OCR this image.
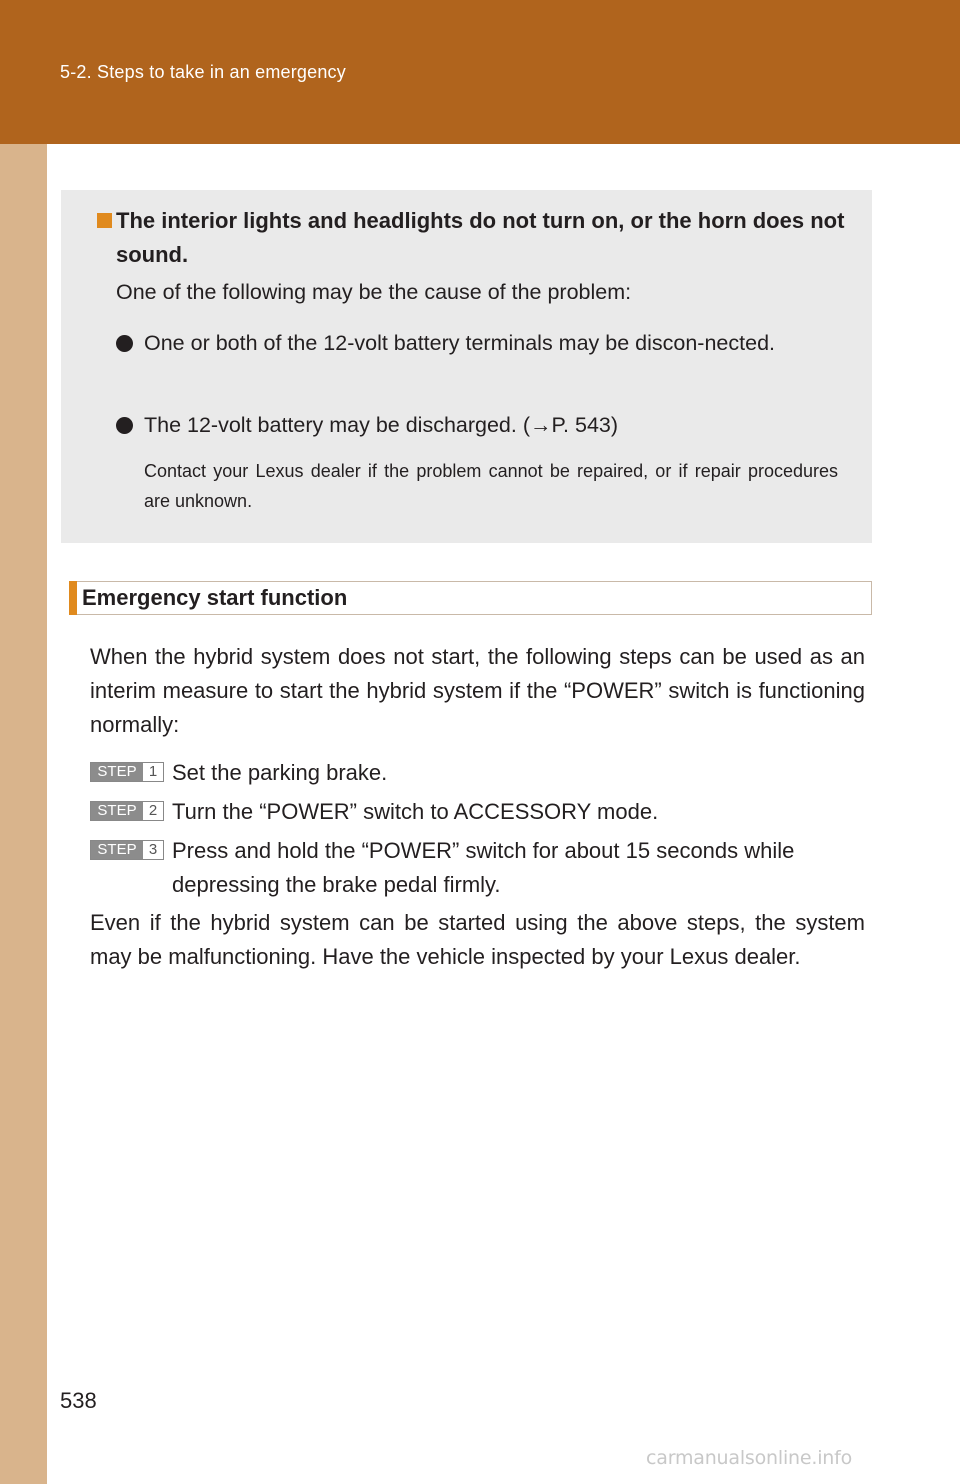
5-2. Steps to take in an emergency
The interior lights and headlights do not turn on, or the horn does not sound.
One of the following may be the cause of the problem:
One or both of the 12-volt battery terminals may be discon-nected.
The 12-volt battery may be discharged. (→P. 543)
Contact your Lexus dealer if the problem cannot be repaired, or if repair procedures are unknown.
Emergency start function
When the hybrid system does not start, the following steps can be used as an interim measure to start the hybrid system if the “POWER” switch is functioning normally:
STEP 1 Set the parking brake.
STEP 2 Turn the “POWER” switch to ACCESSORY mode.
STEP 3 Press and hold the “POWER” switch for about 15 seconds while depressing the brake pedal firmly.
Even if the hybrid system can be started using the above steps, the system may be malfunctioning. Have the vehicle inspected by your Lexus dealer.
538
carmanualsonline.info
